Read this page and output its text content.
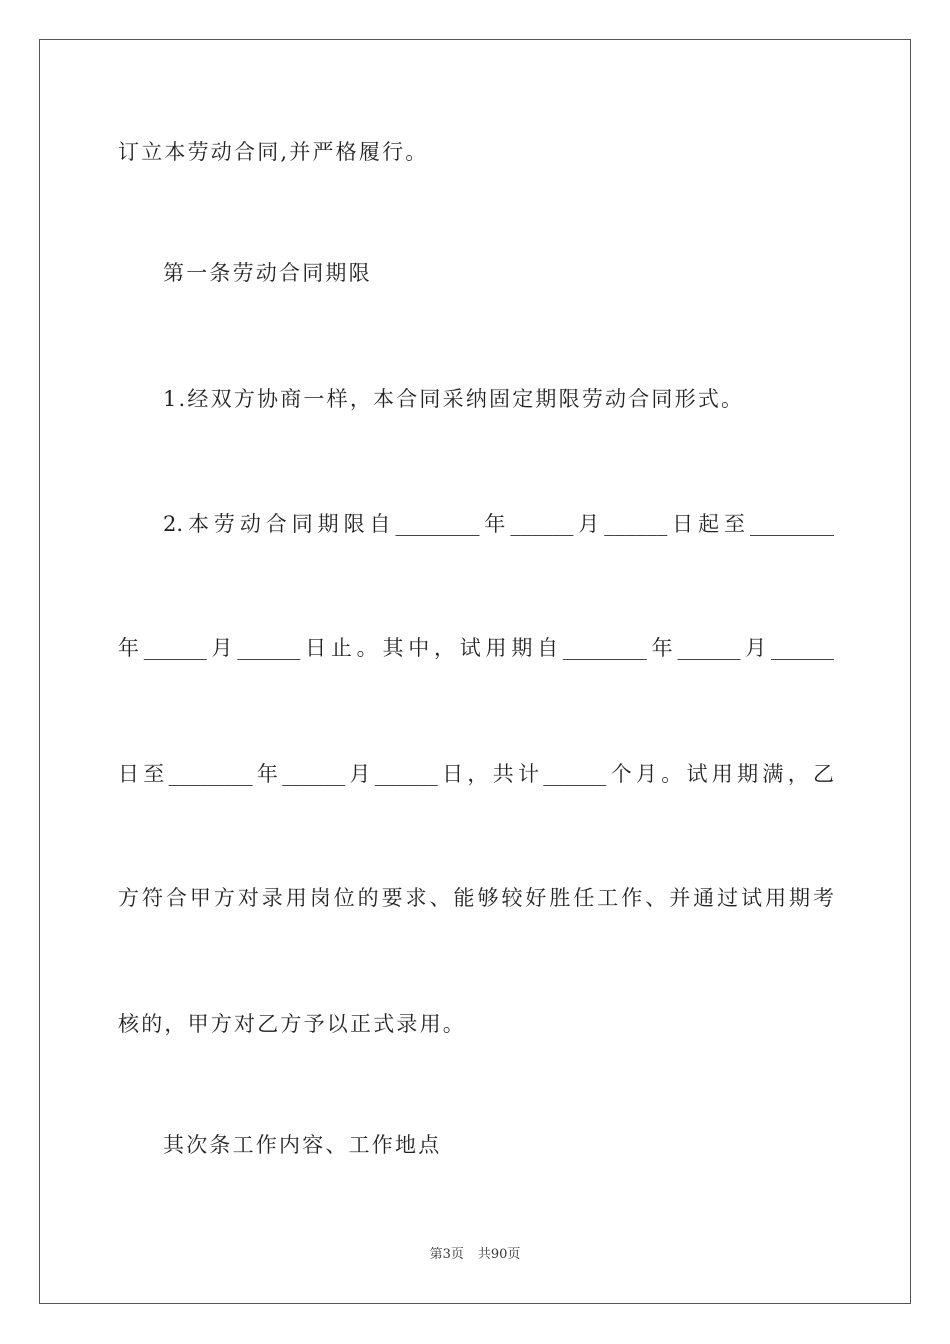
订立本劳动合同,并严格履行。
第一条劳动合同期限
1.经双方协商一样，本合同采纳固定期限劳动合同形式。
2.本劳动合同期限自________年______月______日起至________
年______月______日止。其中，试用期自________年______月______
日至________年______月______日，共计______个月。试用期满，乙
方符合甲方对录用岗位的要求、能够较好胜任工作、并通过试用期考
核的，甲方对乙方予以正式录用。
其次条工作内容、工作地点
第3页 共90页
